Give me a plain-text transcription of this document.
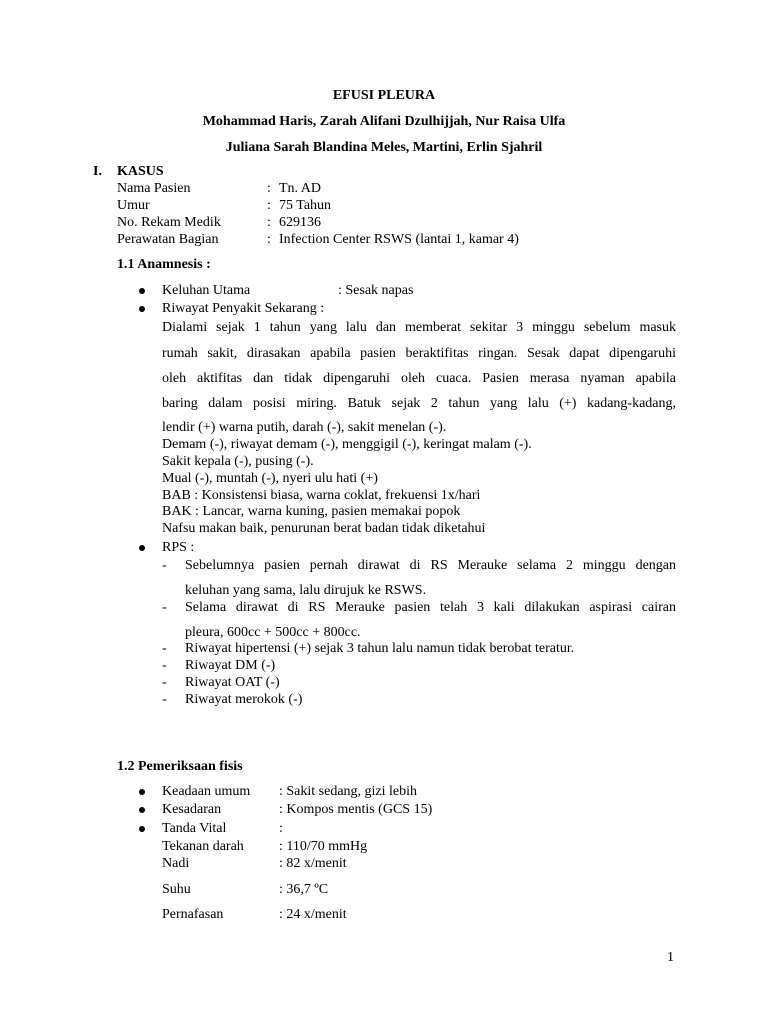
EFUSI PLEURA
Mohammad Haris, Zarah Alifani Dzulhijjah, Nur Raisa Ulfa
Juliana Sarah Blandina Meles, Martini, Erlin Sjahril
I. KASUS
Nama Pasien	: Tn. AD
Umur	: 75 Tahun
No. Rekam Medik	: 629136
Perawatan Bagian	: Infection Center RSWS (lantai 1, kamar 4)
1.1 Anamnesis :
Keluhan Utama	: Sesak napas
Riwayat Penyakit Sekarang :
Dialami sejak 1 tahun yang lalu dan memberat sekitar 3 minggu sebelum masuk
rumah sakit, dirasakan apabila pasien beraktifitas ringan. Sesak dapat dipengaruhi
oleh aktifitas dan tidak dipengaruhi oleh cuaca. Pasien merasa nyaman apabila
baring dalam posisi miring. Batuk sejak 2 tahun yang lalu (+) kadang-kadang,
lendir (+) warna putih, darah (-), sakit menelan (-).
Demam (-), riwayat demam (-), menggigil (-), keringat malam (-).
Sakit kepala (-), pusing (-).
Mual (-), muntah (-), nyeri ulu hati (+)
BAB : Konsistensi biasa, warna coklat, frekuensi 1x/hari
BAK : Lancar, warna kuning, pasien memakai popok
Nafsu makan baik, penurunan berat badan tidak diketahui
RPS :
- Sebelumnya pasien pernah dirawat di RS Merauke selama 2 minggu dengan
keluhan yang sama, lalu dirujuk ke RSWS.
- Selama dirawat di RS Merauke pasien telah 3 kali dilakukan aspirasi cairan
pleura, 600cc + 500cc + 800cc.
- Riwayat hipertensi (+) sejak 3 tahun lalu namun tidak berobat teratur.
- Riwayat DM (-)
- Riwayat OAT (-)
- Riwayat merokok (-)
1.2 Pemeriksaan fisis
Keadaan umum : Sakit sedang, gizi lebih
Kesadaran	: Kompos mentis (GCS 15)
Tanda Vital	:
Tekanan darah	: 110/70 mmHg
Nadi	: 82 x/menit
Suhu	: 36,7 ºC
Pernafasan	: 24 x/menit
1
